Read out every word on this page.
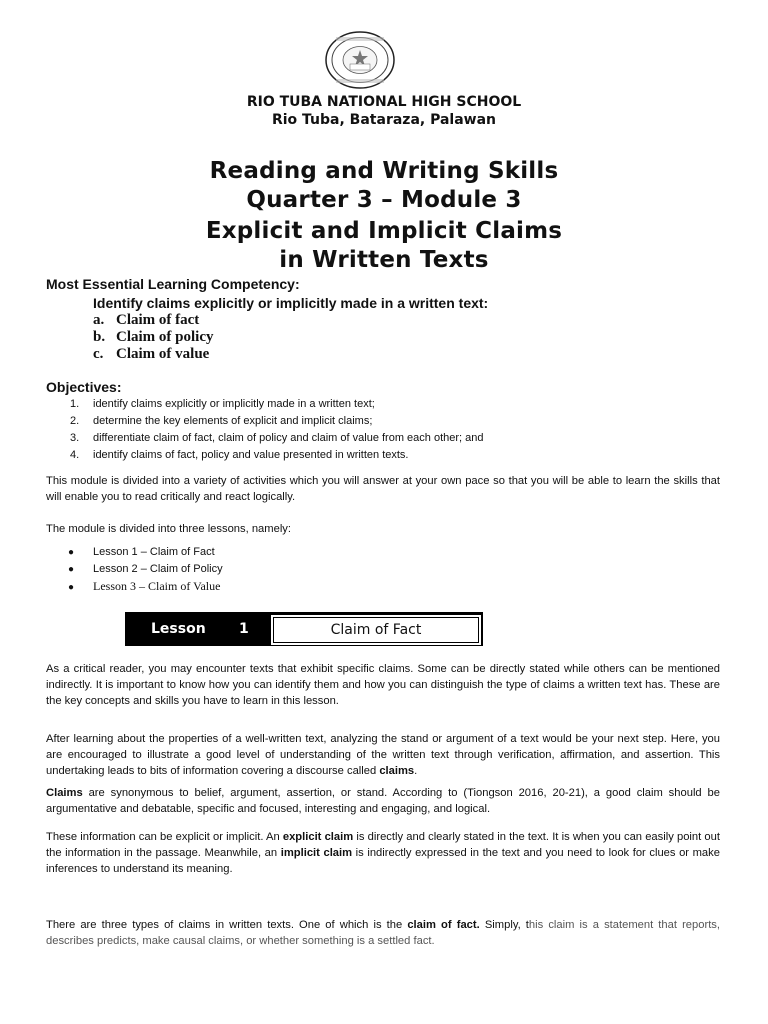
RIO TUBA NATIONAL HIGH SCHOOL
Rio Tuba, Bataraza, Palawan
Reading and Writing Skills
Quarter 3 – Module 3
Explicit and Implicit Claims
in Written Texts
Most Essential Learning Competency:
Identify claims explicitly or implicitly made in a written text:
a. Claim of fact
b. Claim of policy
c. Claim of value
Objectives:
1. identify claims explicitly or implicitly made in a written text;
2. determine the key elements of explicit and implicit claims;
3. differentiate claim of fact, claim of policy and claim of value from each other; and
4. identify claims of fact, policy and value presented in written texts.
This module is divided into a variety of activities which you will answer at your own pace so that you will be able to learn the skills that will enable you to read critically and react logically.
The module is divided into three lessons, namely:
● Lesson 1 – Claim of Fact
● Lesson 2 – Claim of Policy
● Lesson 3 – Claim of Value
Lesson 1	Claim of Fact
As a critical reader, you may encounter texts that exhibit specific claims. Some can be directly stated while others can be mentioned indirectly. It is important to know how you can identify them and how you can distinguish the type of claims a written text has. These are the key concepts and skills you have to learn in this lesson.
After learning about the properties of a well-written text, analyzing the stand or argument of a text would be your next step. Here, you are encouraged to illustrate a good level of understanding of the written text through verification, affirmation, and assertion. This undertaking leads to bits of information covering a discourse called claims.
Claims are synonymous to belief, argument, assertion, or stand. According to (Tiongson 2016, 20-21), a good claim should be argumentative and debatable, specific and focused, interesting and engaging, and logical.
These information can be explicit or implicit. An explicit claim is directly and clearly stated in the text. It is when you can easily point out the information in the passage. Meanwhile, an implicit claim is indirectly expressed in the text and you need to look for clues or make inferences to understand its meaning.
There are three types of claims in written texts. One of which is the claim of fact. Simply, this claim is a statement that reports, describes predicts, make causal claims, or whether something is a settled fact.
